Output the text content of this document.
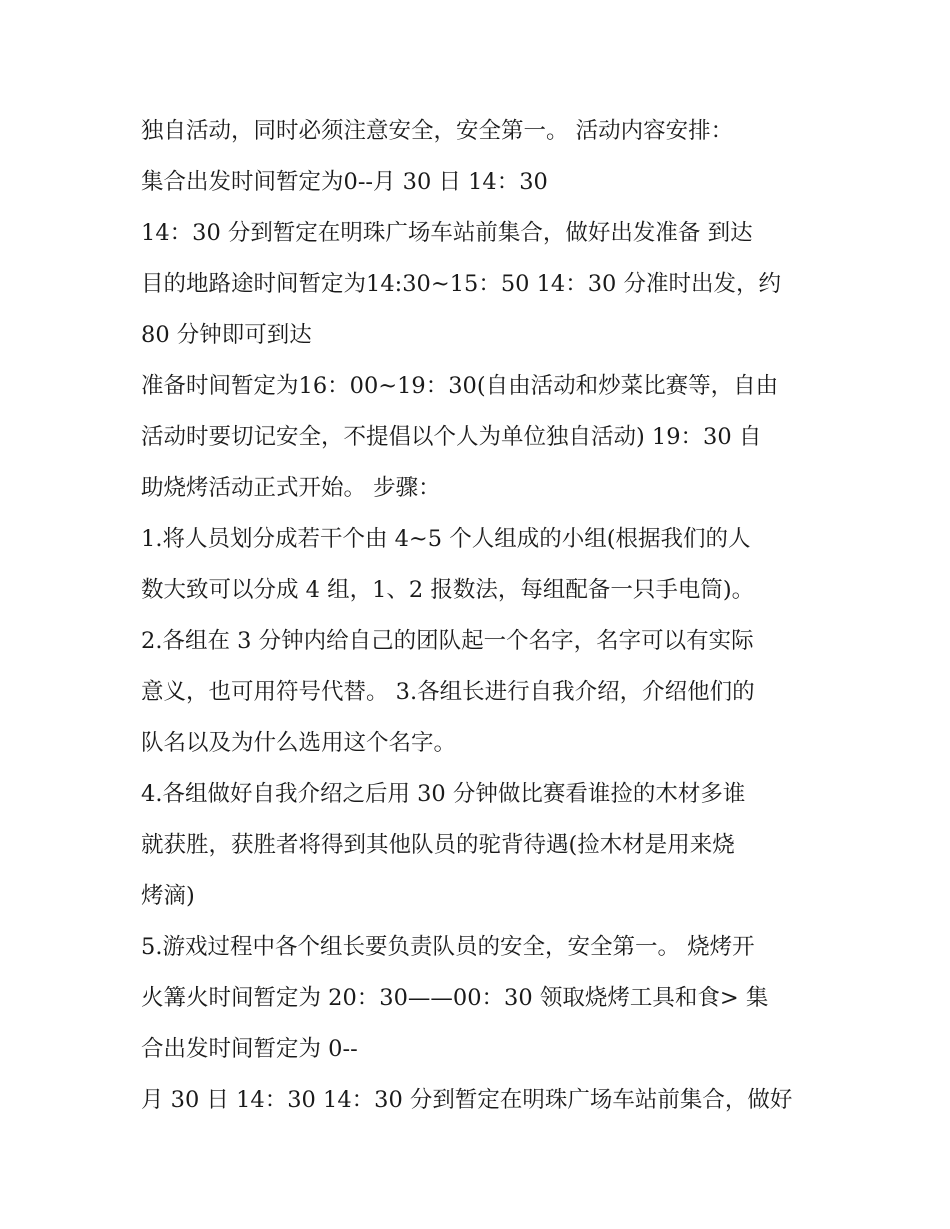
独自活动，同时必须注意安全，安全第一。 活动内容安排：
集合出发时间暂定为0--月 30 日 14：30
14：30 分到暂定在明珠广场车站前集合，做好出发准备 到达
目的地路途时间暂定为14:30~15：50 14：30 分准时出发，约
80 分钟即可到达
准备时间暂定为16：00~19：30(自由活动和炒菜比赛等，自由
活动时要切记安全，不提倡以个人为单位独自活动) 19：30 自
助烧烤活动正式开始。 步骤：
1.将人员划分成若干个由 4~5 个人组成的小组(根据我们的人
数大致可以分成 4 组，1、2 报数法，每组配备一只手电筒)。
2.各组在 3 分钟内给自己的团队起一个名字，名字可以有实际
意义，也可用符号代替。 3.各组长进行自我介绍，介绍他们的
队名以及为什么选用这个名字。
4.各组做好自我介绍之后用 30 分钟做比赛看谁捡的木材多谁
就获胜，获胜者将得到其他队员的驼背待遇(捡木材是用来烧
烤滴)
5.游戏过程中各个组长要负责队员的安全，安全第一。 烧烤开
火篝火时间暂定为 20：30——00：30 领取烧烤工具和食> 集
合出发时间暂定为 0--
月 30 日 14：30 14：30 分到暂定在明珠广场车站前集合，做好
